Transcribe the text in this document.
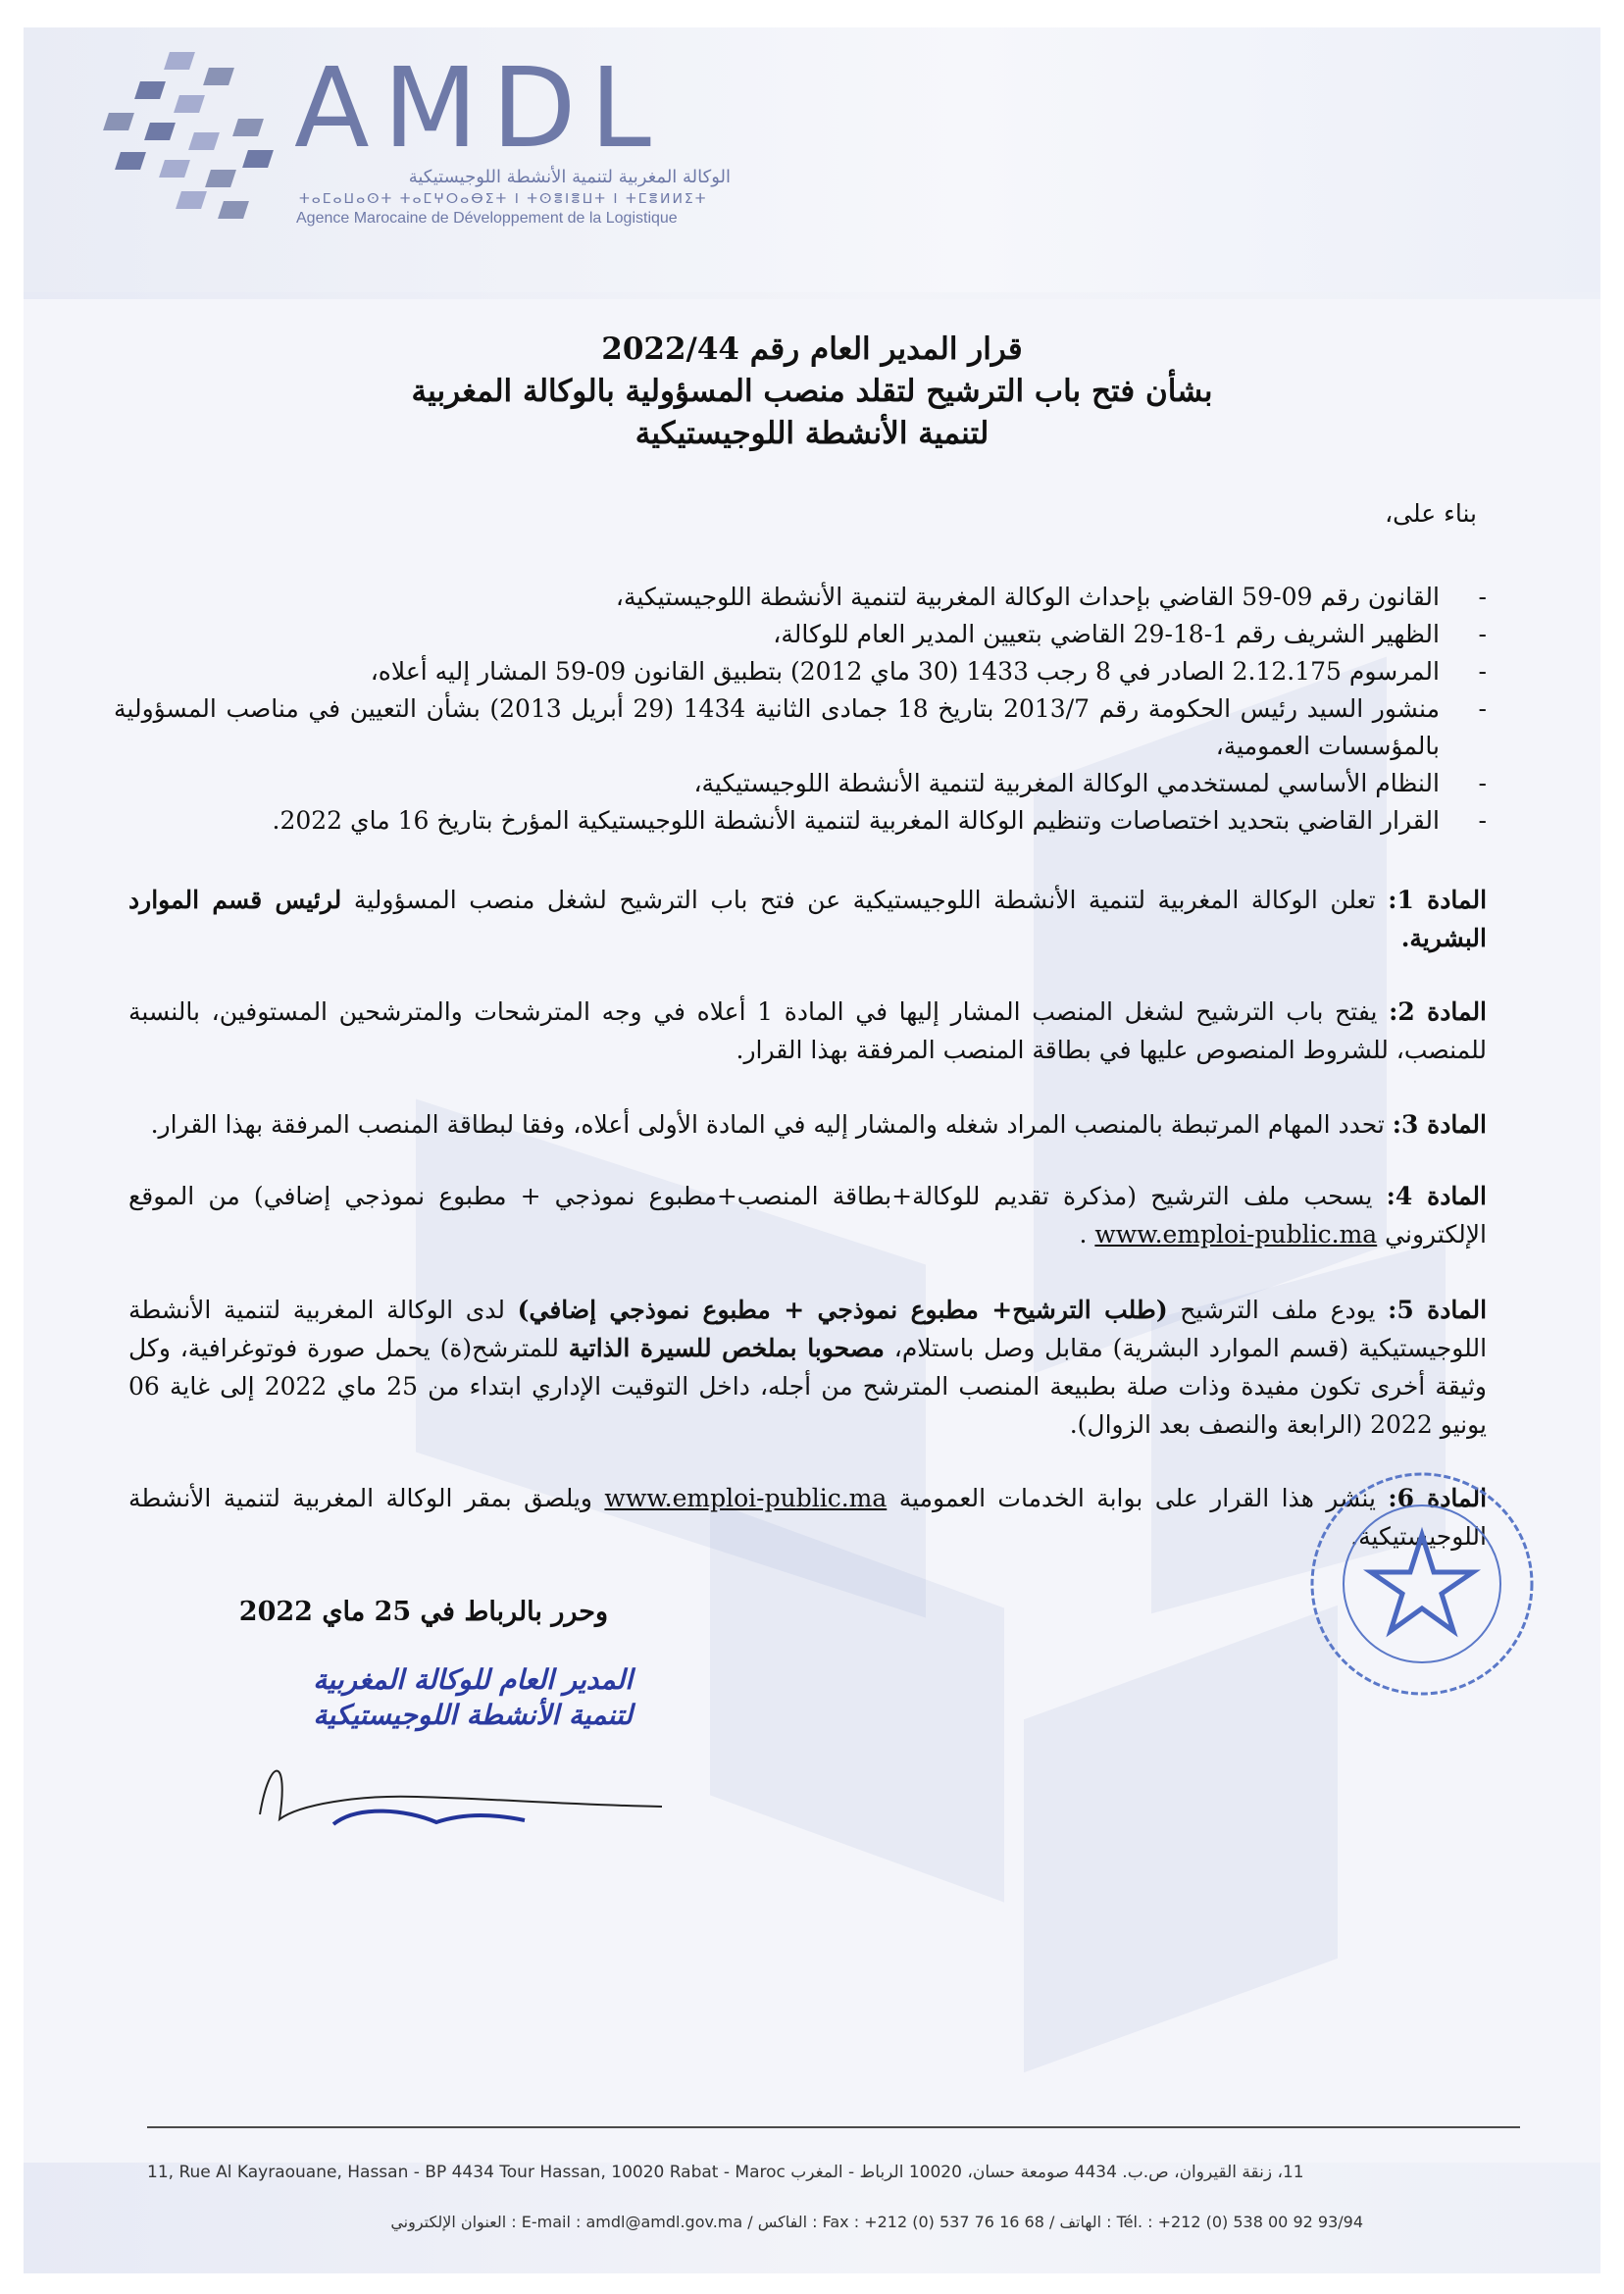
AMDL
الوكالة المغربية لتنمية الأنشطة اللوجيستيكية
ⵜⴰⵎⴰⵡⴰⵙⵜ ⵜⴰⵎⵖⵔⴰⴱⵉⵜ ⵏ ⵜⵙⴻⵏⴻⵡⵜ ⵏ ⵜⵎⴻⵍⵍⵉⵜ
Agence Marocaine de Développement de la Logistique
قرار المدير العام رقم 2022/44
بشأن فتح باب الترشيح لتقلد منصب المسؤولية بالوكالة المغربية
لتنمية الأنشطة اللوجيستيكية
بناء على،
- القانون رقم 09-59 القاضي بإحداث الوكالة المغربية لتنمية الأنشطة اللوجيستيكية،
- الظهير الشريف رقم 1-18-29 القاضي بتعيين المدير العام للوكالة،
- المرسوم 2.12.175 الصادر في 8 رجب 1433 (30 ماي 2012) بتطبيق القانون 09-59 المشار إليه أعلاه،
- منشور السيد رئيس الحكومة رقم 2013/7 بتاريخ 18 جمادى الثانية 1434 (29 أبريل 2013) بشأن التعيين في مناصب المسؤولية بالمؤسسات العمومية،
- النظام الأساسي لمستخدمي الوكالة المغربية لتنمية الأنشطة اللوجيستيكية،
- القرار القاضي بتحديد اختصاصات وتنظيم الوكالة المغربية لتنمية الأنشطة اللوجيستيكية المؤرخ بتاريخ 16 ماي 2022.
المادة 1: تعلن الوكالة المغربية لتنمية الأنشطة اللوجيستيكية عن فتح باب الترشيح لشغل منصب المسؤولية لرئيس قسم الموارد البشرية.
المادة 2: يفتح باب الترشيح لشغل المنصب المشار إليها في المادة 1 أعلاه في وجه المترشحات والمترشحين المستوفين، بالنسبة للمنصب، للشروط المنصوص عليها في بطاقة المنصب المرفقة بهذا القرار.
المادة 3: تحدد المهام المرتبطة بالمنصب المراد شغله والمشار إليه في المادة الأولى أعلاه، وفقا لبطاقة المنصب المرفقة بهذا القرار.
المادة 4: يسحب ملف الترشيح (مذكرة تقديم للوكالة+بطاقة المنصب+مطبوع نموذجي + مطبوع نموذجي إضافي) من الموقع الإلكتروني www.emploi-public.ma .
المادة 5: يودع ملف الترشيح (طلب الترشيح+ مطبوع نموذجي + مطبوع نموذجي إضافي) لدى الوكالة المغربية لتنمية الأنشطة اللوجيستيكية (قسم الموارد البشرية) مقابل وصل باستلام، مصحوبا بملخص للسيرة الذاتية للمترشح(ة) يحمل صورة فوتوغرافية، وكل وثيقة أخرى تكون مفيدة وذات صلة بطبيعة المنصب المترشح من أجله، داخل التوقيت الإداري ابتداء من 25 ماي 2022 إلى غاية 06 يونيو 2022 (الرابعة والنصف بعد الزوال).
المادة 6: ينشر هذا القرار على بوابة الخدمات العمومية www.emploi-public.ma ويلصق بمقر الوكالة المغربية لتنمية الأنشطة اللوجيستيكية.
وحرر بالرباط في 25 ماي 2022
المدير العام للوكالة المغربية
لتنمية الأنشطة اللوجيستيكية
11, Rue Al Kayraouane, Hassan - BP 4434 Tour Hassan, 10020 Rabat - Maroc 11، زنقة القيروان، ص.ب. 4434 صومعة حسان، 10020 الرباط - المغرب
Tél. : +212 (0) 538 00 92 93/94 : الهاتف / Fax : +212 (0) 537 76 16 68 : الفاكس / E-mail : amdl@amdl.gov.ma : العنوان الإلكتروني
